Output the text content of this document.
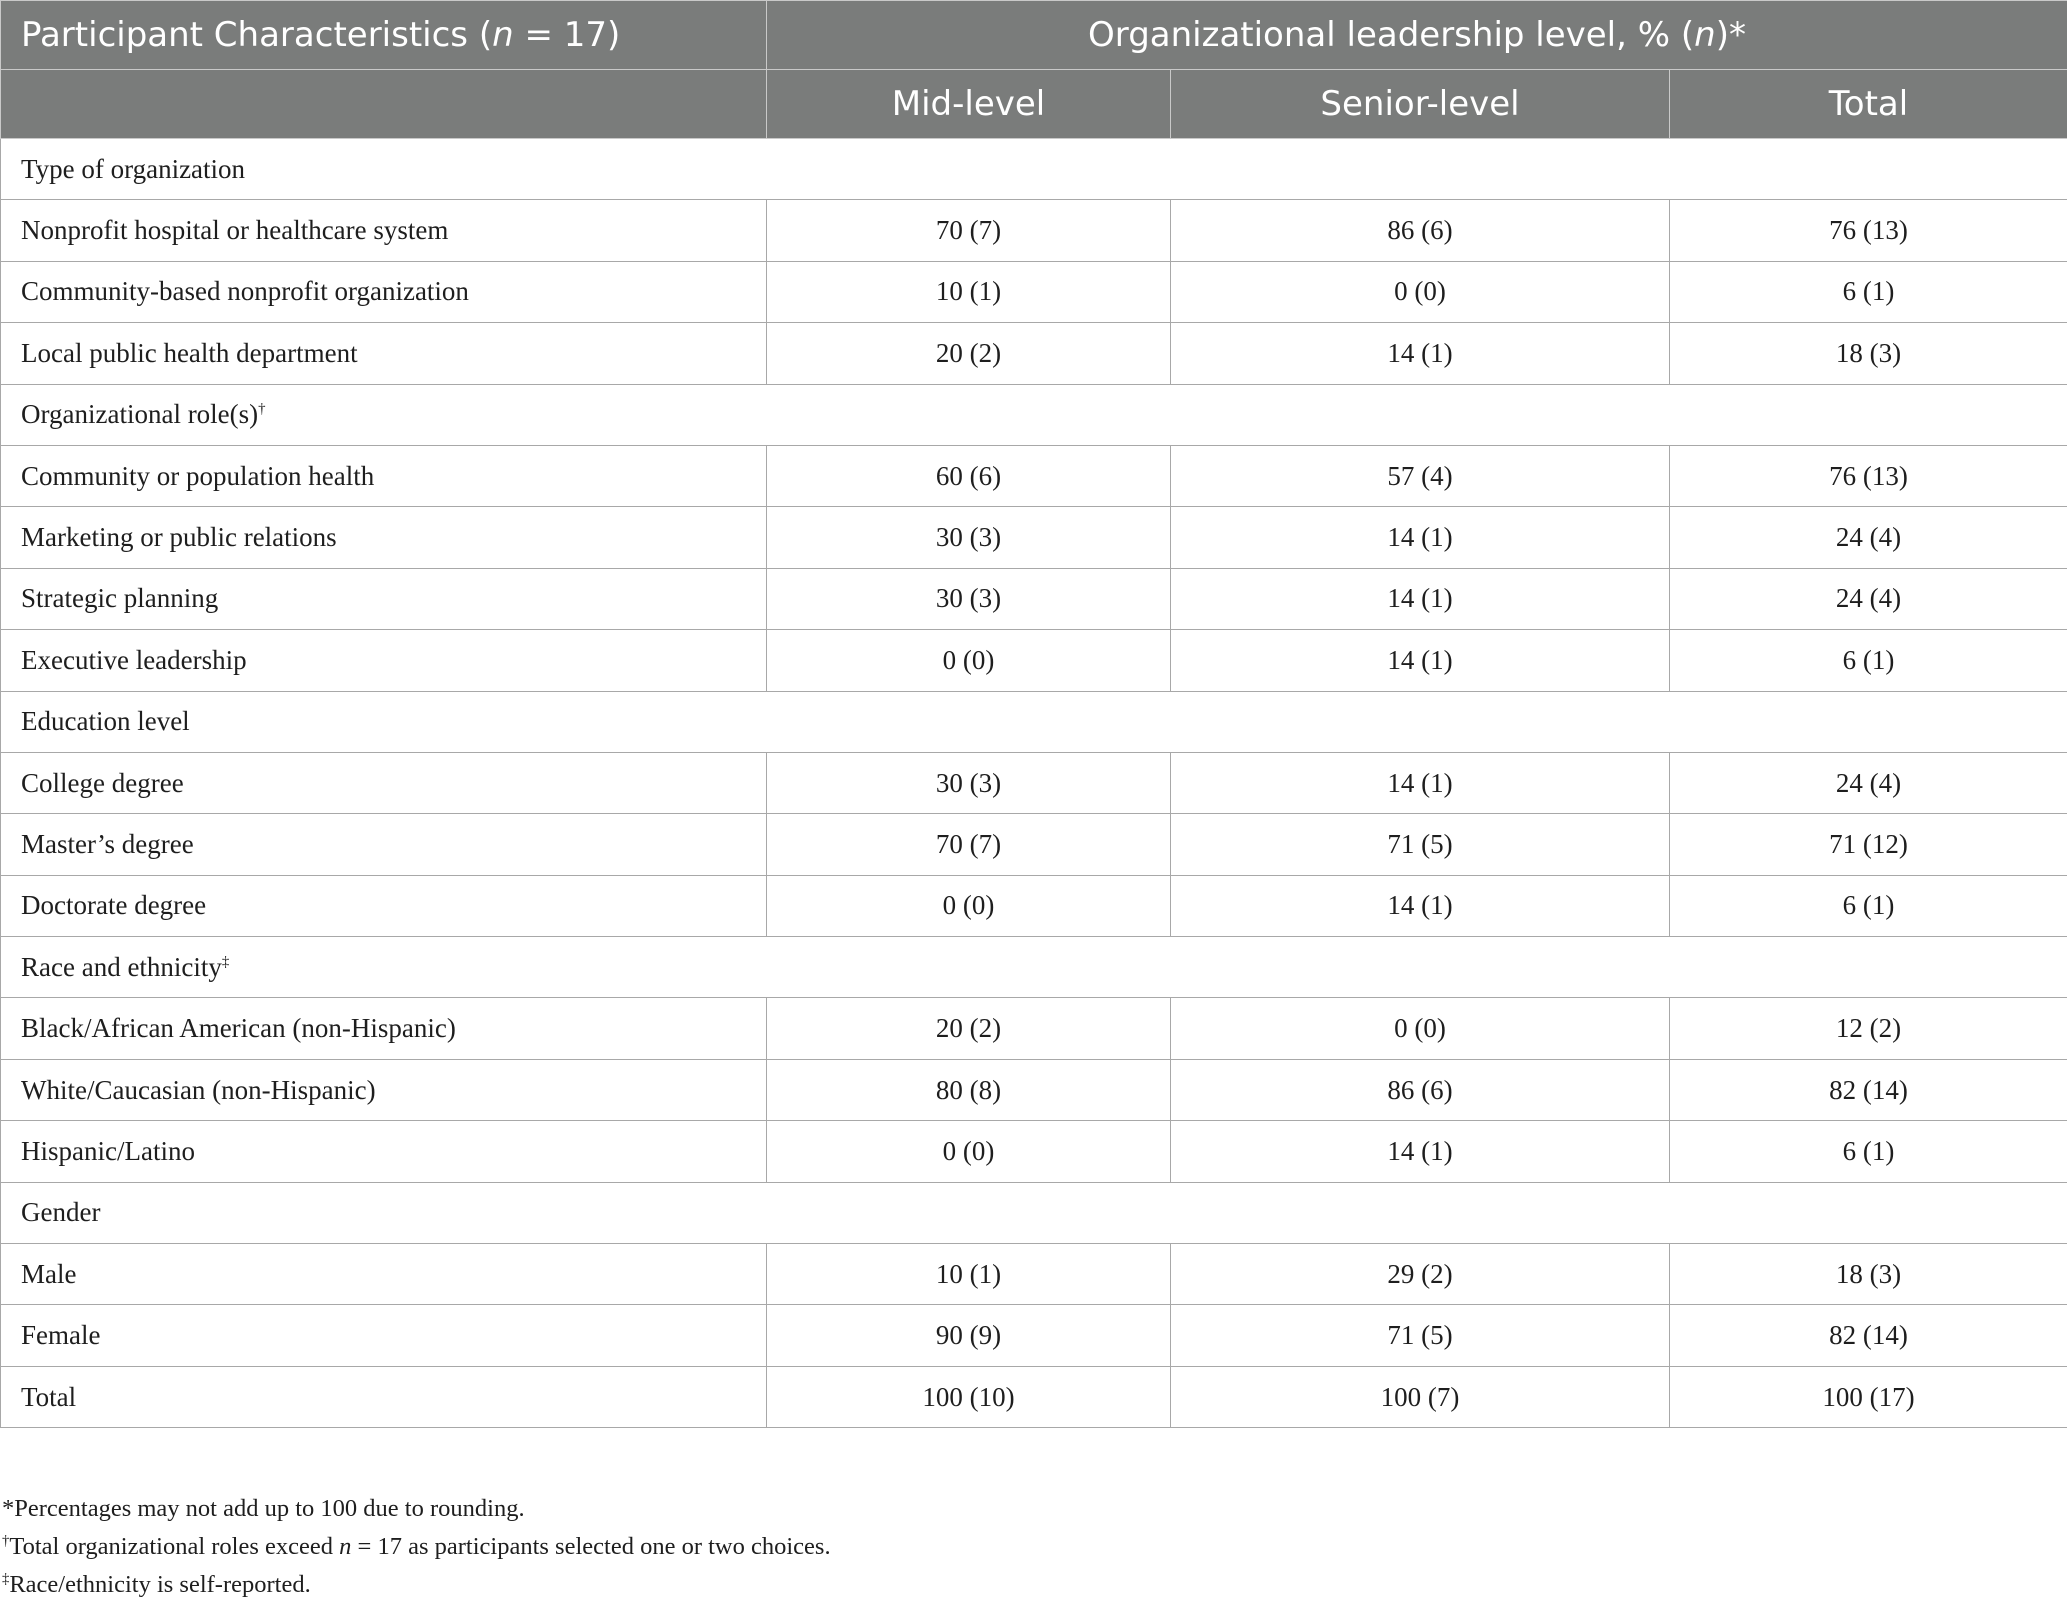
Participant Characteristics (n = 17)	Organizational leadership level, % (n)*		
	Mid-level	Senior-level	Total
Type of organization			
Nonprofit hospital or healthcare system	70 (7)	86 (6)	76 (13)
Community-based nonprofit organization	10 (1)	0 (0)	6 (1)
Local public health department	20 (2)	14 (1)	18 (3)
Organizational role(s)†
Community or population health	60 (6)	57 (4)	76 (13)
Marketing or public relations	30 (3)	14 (1)	24 (4)
Strategic planning	30 (3)	14 (1)	24 (4)
Executive leadership	0 (0)	14 (1)	6 (1)
Education level			
College degree	30 (3)	14 (1)	24 (4)
Master’s degree	70 (7)	71 (5)	71 (12)
Doctorate degree	0 (0)	14 (1)	6 (1)
Race and ethnicity‡
Black/African American (non-Hispanic)	20 (2)	0 (0)	12 (2)
White/Caucasian (non-Hispanic)	80 (8)	86 (6)	82 (14)
Hispanic/Latino	0 (0)	14 (1)	6 (1)
Gender			
Male	10 (1)	29 (2)	18 (3)
Female	90 (9)	71 (5)	82 (14)
Total	100 (10)	100 (7)	100 (17)
*Percentages may not add up to 100 due to rounding.
†Total organizational roles exceed n = 17 as participants selected one or two choices.
‡Race/ethnicity is self-reported.
